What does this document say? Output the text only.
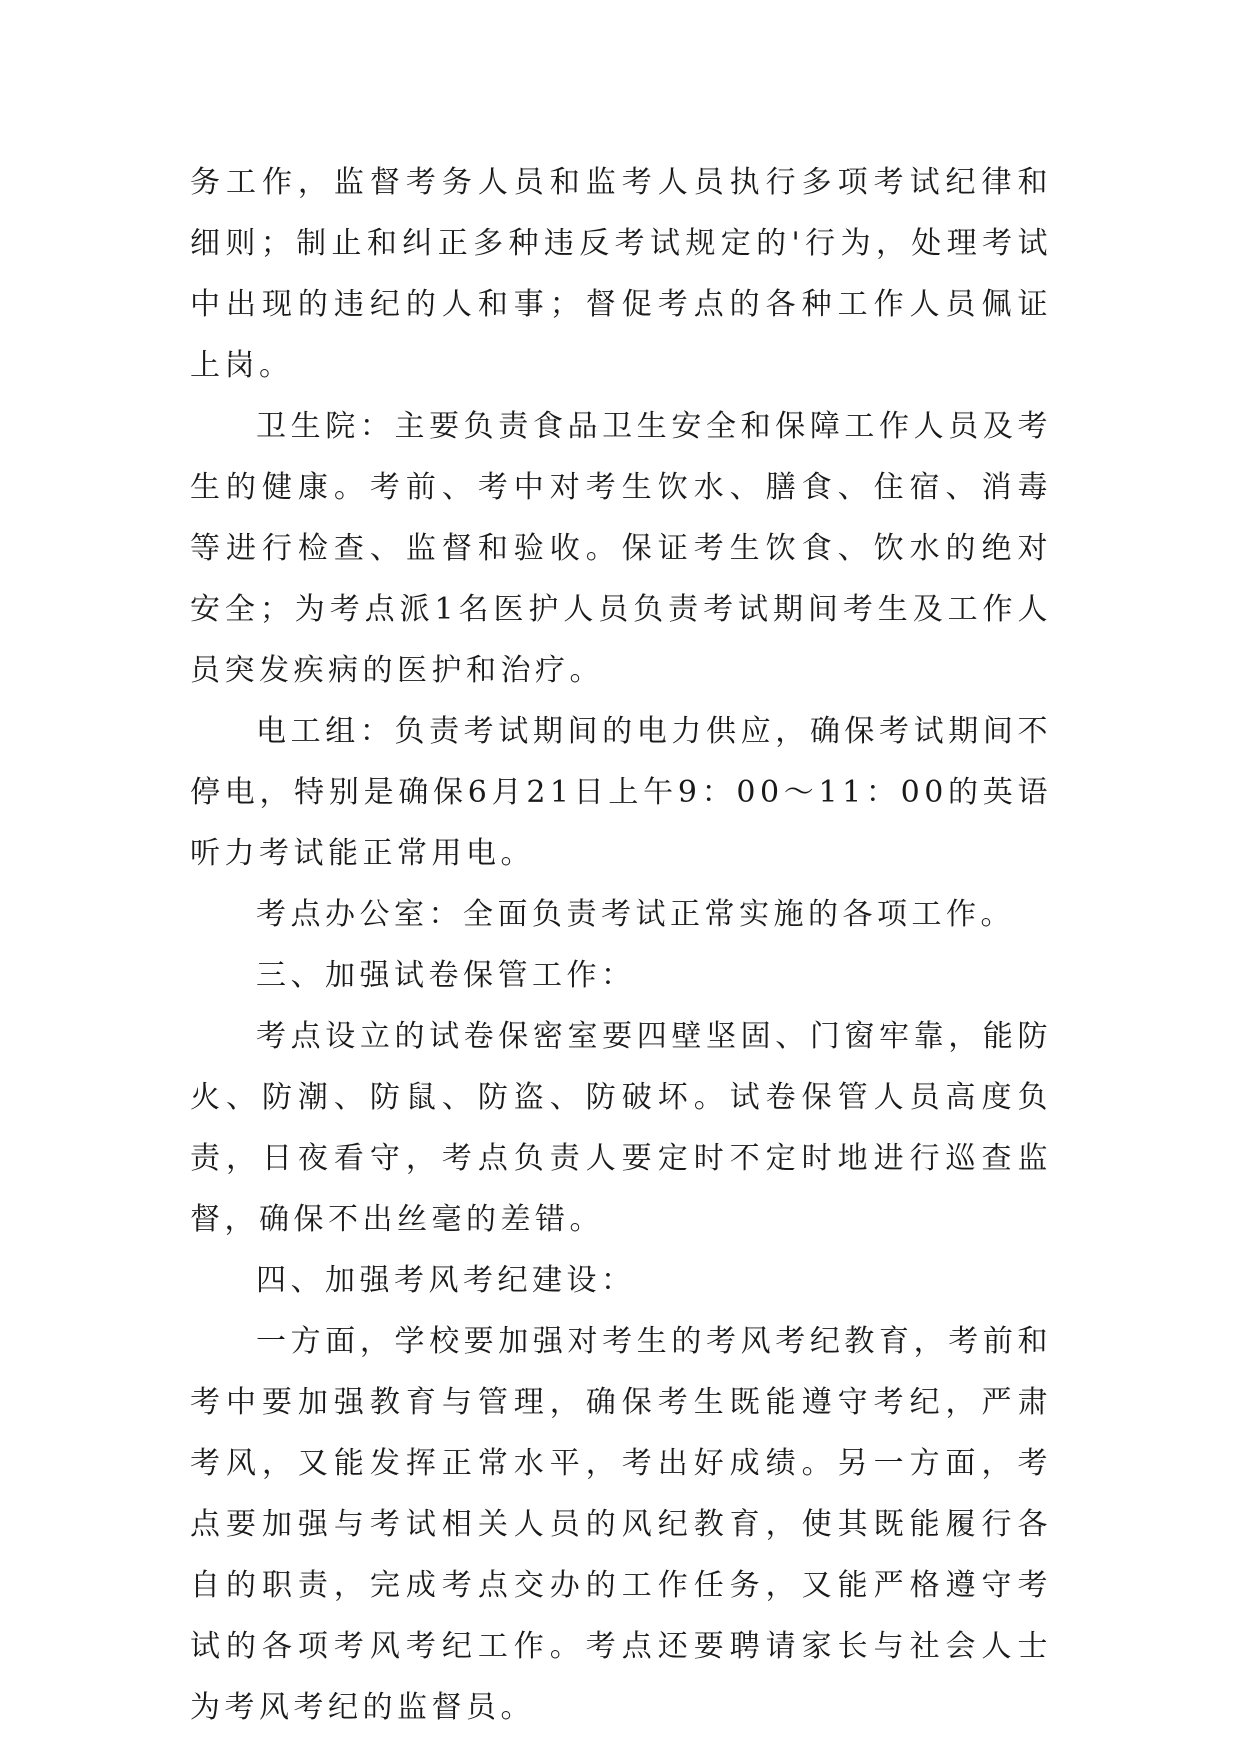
务工作，监督考务人员和监考人员执行多项考试纪律和细则；制止和纠正多种违反考试规定的'行为，处理考试中出现的违纪的人和事；督促考点的各种工作人员佩证上岗。

卫生院：主要负责食品卫生安全和保障工作人员及考生的健康。考前、考中对考生饮水、膳食、住宿、消毒等进行检查、监督和验收。保证考生饮食、饮水的绝对安全；为考点派1名医护人员负责考试期间考生及工作人员突发疾病的医护和治疗。

电工组：负责考试期间的电力供应，确保考试期间不停电，特别是确保6月21日上午9：00～11：00的英语听力考试能正常用电。

考点办公室：全面负责考试正常实施的各项工作。

三、加强试卷保管工作：

考点设立的试卷保密室要四壁坚固、门窗牢靠，能防火、防潮、防鼠、防盗、防破坏。试卷保管人员高度负责，日夜看守，考点负责人要定时不定时地进行巡查监督，确保不出丝毫的差错。

四、加强考风考纪建设：

一方面，学校要加强对考生的考风考纪教育，考前和考中要加强教育与管理，确保考生既能遵守考纪，严肃考风，又能发挥正常水平，考出好成绩。另一方面，考点要加强与考试相关人员的风纪教育，使其既能履行各自的职责，完成考点交办的工作任务，又能严格遵守考试的各项考风考纪工作。考点还要聘请家长与社会人士为考风考纪的监督员。
